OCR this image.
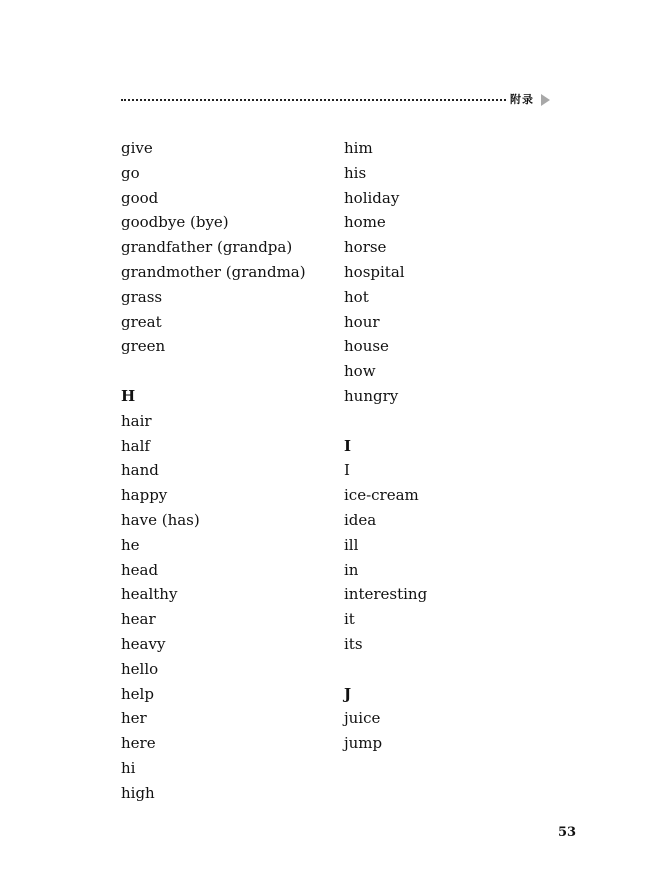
附录
give
go
good
goodbye (bye)
grandfather (grandpa)
grandmother (grandma)
grass
great
green
H
hair
half
hand
happy
have (has)
he
head
healthy
hear
heavy
hello
help
her
here
hi
high
him
his
holiday
home
horse
hospital
hot
hour
house
how
hungry
I
I
ice-cream
idea
ill
in
interesting
it
its
J
juice
jump
53
